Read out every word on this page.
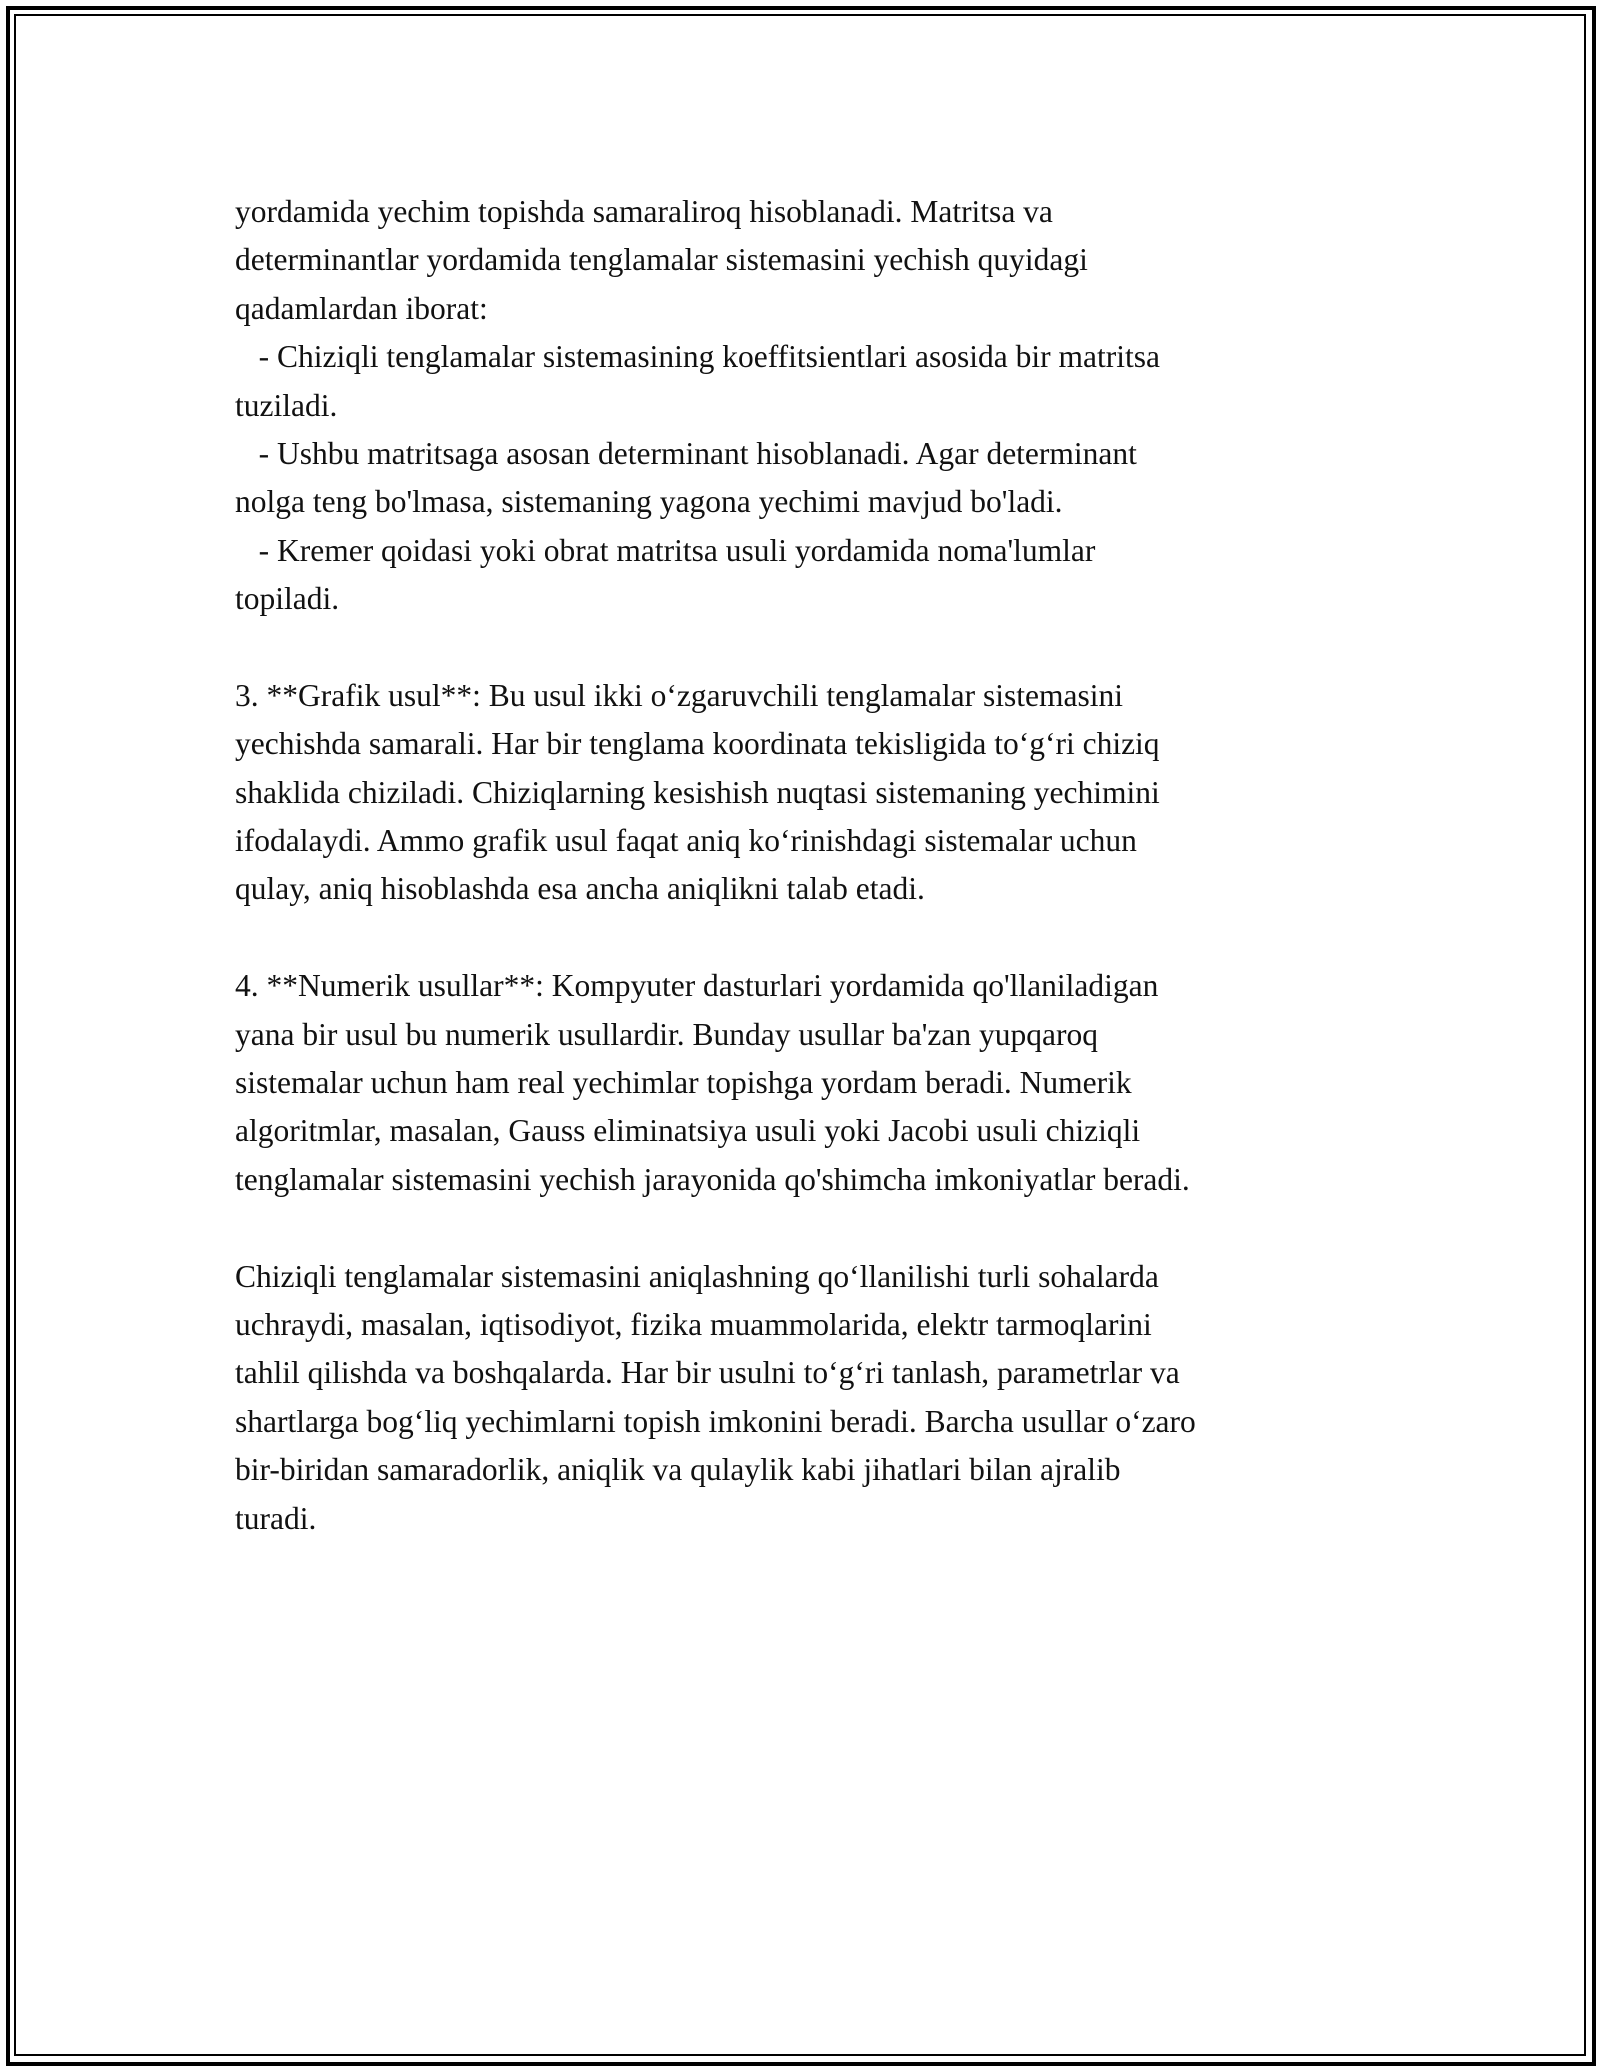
yordamida yechim topishda samaraliroq hisoblanadi. Matritsa va
determinantlar yordamida tenglamalar sistemasini yechish quyidagi
qadamlardan iborat:
- Chiziqli tenglamalar sistemasining koeffitsientlari asosida bir matritsa
tuziladi.
- Ushbu matritsaga asosan determinant hisoblanadi. Agar determinant
nolga teng bo'lmasa, sistemaning yagona yechimi mavjud bo'ladi.
- Kremer qoidasi yoki obrat matritsa usuli yordamida noma'lumlar
topiladi.
3. **Grafik usul**: Bu usul ikki o‘zgaruvchili tenglamalar sistemasini
yechishda samarali. Har bir tenglama koordinata tekisligida to‘g‘ri chiziq
shaklida chiziladi. Chiziqlarning kesishish nuqtasi sistemaning yechimini
ifodalaydi. Ammo grafik usul faqat aniq ko‘rinishdagi sistemalar uchun
qulay, aniq hisoblashda esa ancha aniqlikni talab etadi.
4. **Numerik usullar**: Kompyuter dasturlari yordamida qo'llaniladigan
yana bir usul bu numerik usullardir. Bunday usullar ba'zan yupqaroq
sistemalar uchun ham real yechimlar topishga yordam beradi. Numerik
algoritmlar, masalan, Gauss eliminatsiya usuli yoki Jacobi usuli chiziqli
tenglamalar sistemasini yechish jarayonida qo'shimcha imkoniyatlar beradi.
Chiziqli tenglamalar sistemasini aniqlashning qo‘llanilishi turli sohalarda
uchraydi, masalan, iqtisodiyot, fizika muammolarida, elektr tarmoqlarini
tahlil qilishda va boshqalarda. Har bir usulni to‘g‘ri tanlash, parametrlar va
shartlarga bog‘liq yechimlarni topish imkonini beradi. Barcha usullar o‘zaro
bir-biridan samaradorlik, aniqlik va qulaylik kabi jihatlari bilan ajralib
turadi.
